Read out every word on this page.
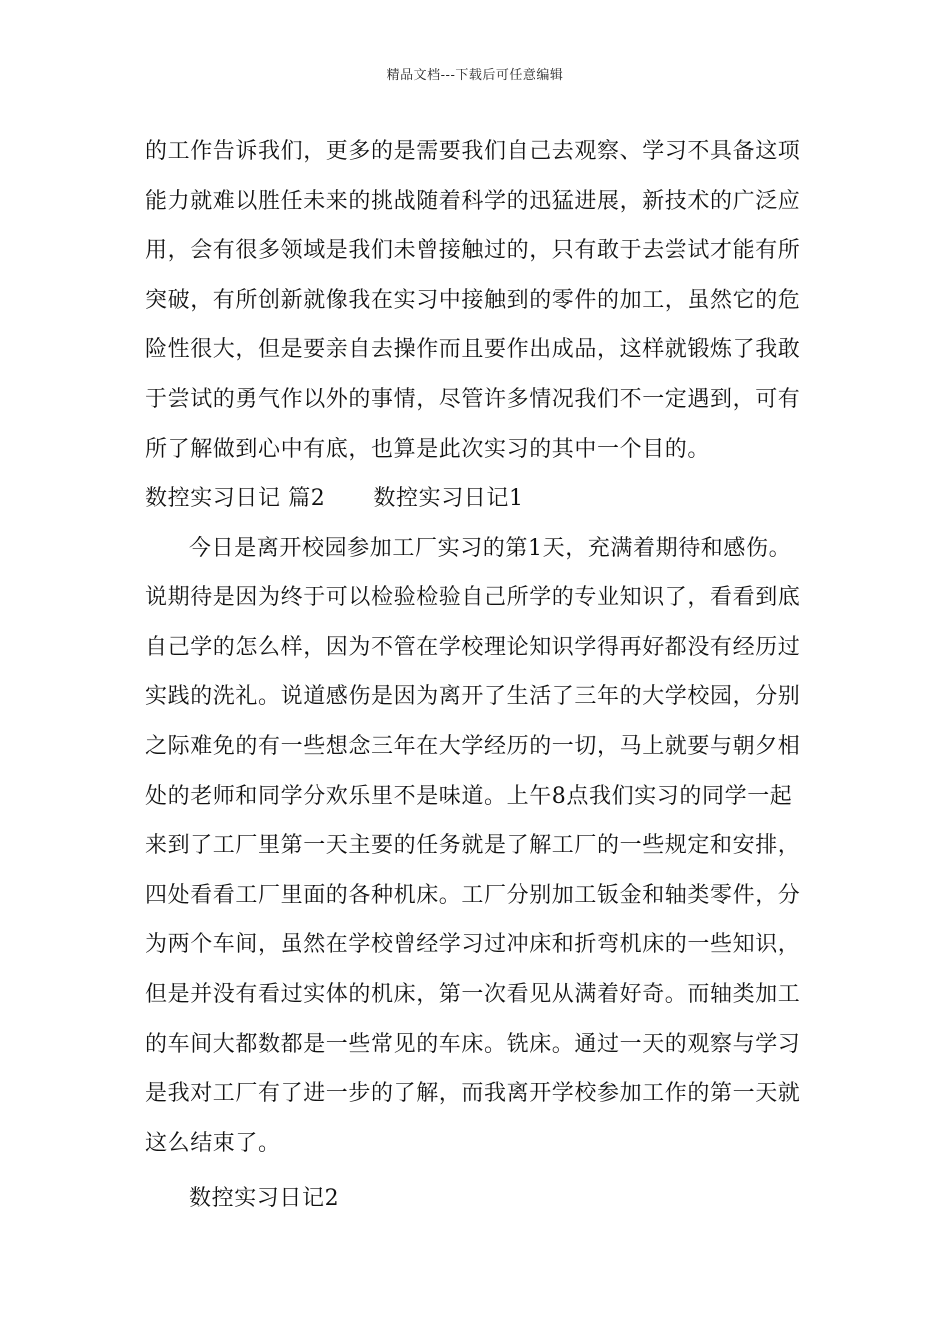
精品文档---下载后可任意编辑
的工作告诉我们，更多的是需要我们自己去观察、学习不具备这项
能力就难以胜任未来的挑战随着科学的迅猛进展，新技术的广泛应
用，会有很多领域是我们未曾接触过的，只有敢于去尝试才能有所
突破，有所创新就像我在实习中接触到的零件的加工，虽然它的危
险性很大，但是要亲自去操作而且要作出成品，这样就锻炼了我敢
于尝试的勇气作以外的事情，尽管许多情况我们不一定遇到，可有
所了解做到心中有底，也算是此次实习的其中一个目的。
数控实习日记 篇2 数控实习日记1
今日是离开校园参加工厂实习的第1天，充满着期待和感伤。
说期待是因为终于可以检验检验自己所学的专业知识了，看看到底
自己学的怎么样，因为不管在学校理论知识学得再好都没有经历过
实践的洗礼。说道感伤是因为离开了生活了三年的大学校园，分别
之际难免的有一些想念三年在大学经历的一切，马上就要与朝夕相
处的老师和同学分欢乐里不是味道。上午8点我们实习的同学一起
来到了工厂里第一天主要的任务就是了解工厂的一些规定和安排，
四处看看工厂里面的各种机床。工厂分别加工钣金和轴类零件，分
为两个车间，虽然在学校曾经学习过冲床和折弯机床的一些知识，
但是并没有看过实体的机床，第一次看见从满着好奇。而轴类加工
的车间大都数都是一些常见的车床。铣床。通过一天的观察与学习
是我对工厂有了进一步的了解，而我离开学校参加工作的第一天就
这么结束了。
数控实习日记2
